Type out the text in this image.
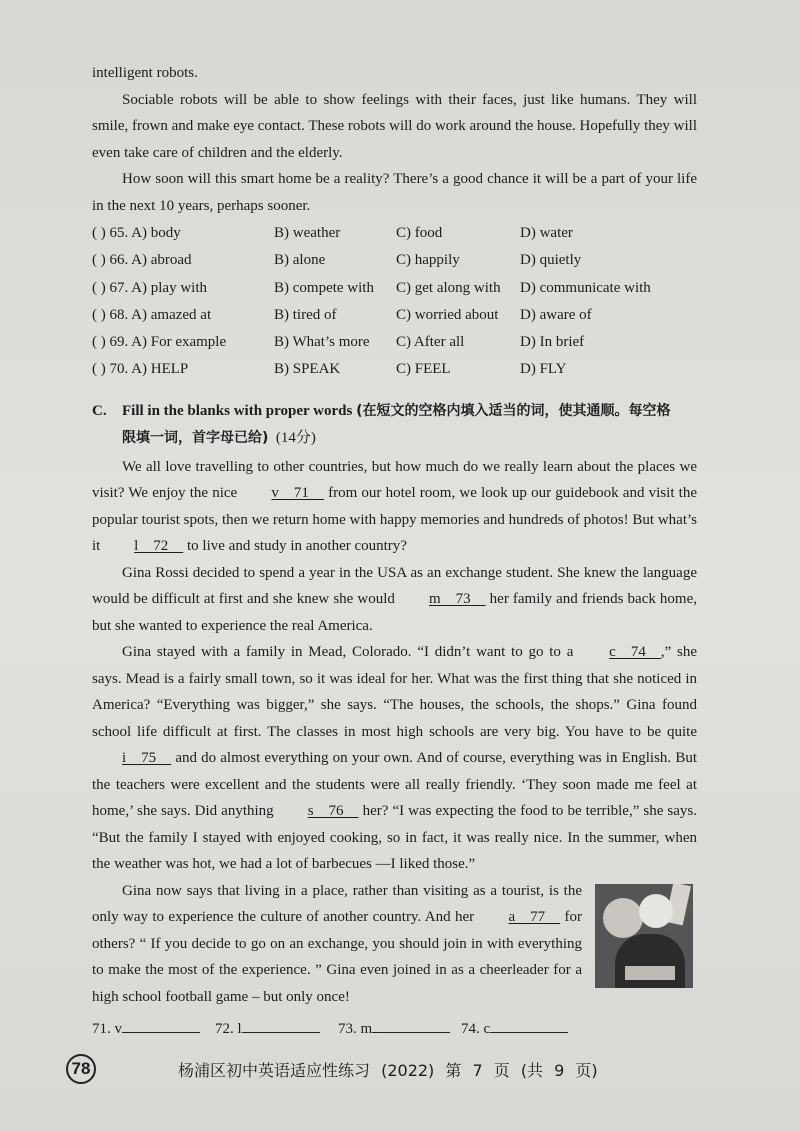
intelligent robots.

Sociable robots will be able to show feelings with their faces, just like humans. They will smile, frown and make eye contact. These robots will do work around the house. Hopefully they will even take care of children and the elderly.

How soon will this smart home be a reality? There’s a good chance it will be a part of your life in the next 10 years, perhaps sooner.

( ) 65. A) body	B) weather	C) food	D) water
( ) 66. A) abroad	B) alone	C) happily	D) quietly
( ) 67. A) play with	B) compete with	C) get along with	D) communicate with
( ) 68. A) amazed at	B) tired of	C) worried about	D) aware of
( ) 69. A) For example	B) What’s more	C) After all	D) In brief
( ) 70. A) HELP	B) SPEAK	C) FEEL	D) FLY
C. Fill in the blanks with proper words (在短文的空格内填入适当的词，使其通顺。每空格
限填一词，首字母已给) (14分)

We all love travelling to other countries, but how much do we really learn about the places we visit? We enjoy the nice v    71     from our hotel room, we look up our guidebook and visit the popular tourist spots, then we return home with happy memories and hundreds of photos! But what’s it l    72     to live and study in another country?

Gina Rossi decided to spend a year in the USA as an exchange student. She knew the language would be difficult at first and she knew she would m    73     her family and friends back home, but she wanted to experience the real America.

Gina stayed with a family in Mead, Colorado. “I didn’t want to go to a c    74    ,” she says. Mead is a fairly small town, so it was ideal for her. What was the first thing that she noticed in America? “Everything was bigger,” she says. “The houses, the schools, the shops.” Gina found school life difficult at first. The classes in most high schools are very big. You have to be quite i    75     and do almost everything on your own. And of course, everything was in English. But the teachers were excellent and the students were all really friendly. ‘They soon made me feel at home,’ she says. Did anything s    76     her? “I was expecting the food to be terrible,” she says. “But the family I stayed with enjoyed cooking, so in fact, it was really nice. In the summer, when the weather was hot, we had a lot of barbecues —I liked those.”

Gina now says that living in a place, rather than visiting as a tourist, is the only way to experience the culture of another country. And her a    77     for others? “ If you decide to go on an exchange, you should join in with everything to make the most of the experience. ” Gina even joined in as a cheerleader for a high school football game – but only once!

71. v	72. l	73. m	74. c
78	杨浦区初中英语适应性练习 (2022) 第 7 页 (共 9 页)
